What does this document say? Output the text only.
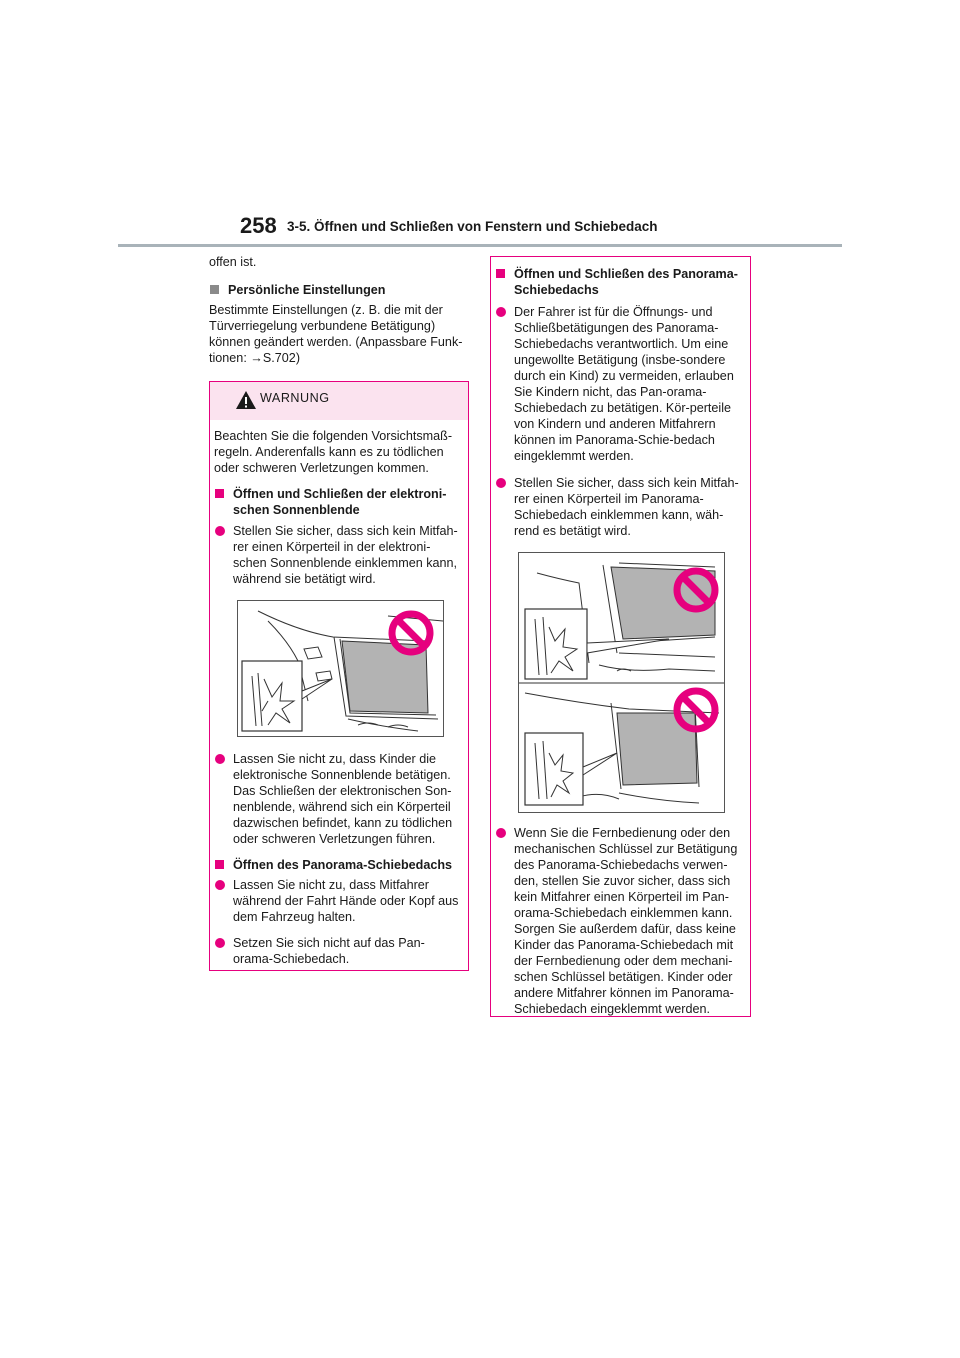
258 3-5. Öffnen und Schließen von Fenstern und Schiebedach

offen ist.

Persönliche Einstellungen

Bestimmte Einstellungen (z. B. die mit der Türverriegelung verbundene Betätigung) können geändert werden. (Anpassbare Funk-tionen: →S.702)

WARNUNG

Beachten Sie die folgenden Vorsichtsmaß-regeln. Anderenfalls kann es zu tödlichen oder schweren Verletzungen kommen.

Öffnen und Schließen der elektroni-schen Sonnenblende
Stellen Sie sicher, dass sich kein Mitfah-rer einen Körperteil in der elektroni-schen Sonnenblende einklemmen kann, während sie betätigt wird.
Lassen Sie nicht zu, dass Kinder die elektronische Sonnenblende betätigen. Das Schließen der elektronischen Son-nenblende, während sich ein Körperteil dazwischen befindet, kann zu tödlichen oder schweren Verletzungen führen.
Öffnen des Panorama-Schiebedachs
Lassen Sie nicht zu, dass Mitfahrer während der Fahrt Hände oder Kopf aus dem Fahrzeug halten.
Setzen Sie sich nicht auf das Pan-orama-Schiebedach.
Öffnen und Schließen des Panorama-Schiebedachs
Der Fahrer ist für die Öffnungs- und Schließbetätigungen des Panorama-Schiebedachs verantwortlich. Um eine ungewollte Betätigung (insbe-sondere durch ein Kind) zu vermeiden, erlauben Sie Kindern nicht, das Pan-orama-Schiebedach zu betätigen. Kör-perteile von Kindern und anderen Mitfahrern können im Panorama-Schie-bedach eingeklemmt werden.
Stellen Sie sicher, dass sich kein Mitfah-rer einen Körperteil im Panorama-Schiebedach einklemmen kann, wäh-rend es betätigt wird.
Wenn Sie die Fernbedienung oder den mechanischen Schlüssel zur Betätigung des Panorama-Schiebedachs verwen-den, stellen Sie zuvor sicher, dass sich kein Mitfahrer einen Körperteil im Pan-orama-Schiebedach einklemmen kann. Sorgen Sie außerdem dafür, dass keine Kinder das Panorama-Schiebedach mit der Fernbedienung oder dem mechani-schen Schlüssel betätigen. Kinder oder andere Mitfahrer können im Panorama-Schiebedach eingeklemmt werden.
